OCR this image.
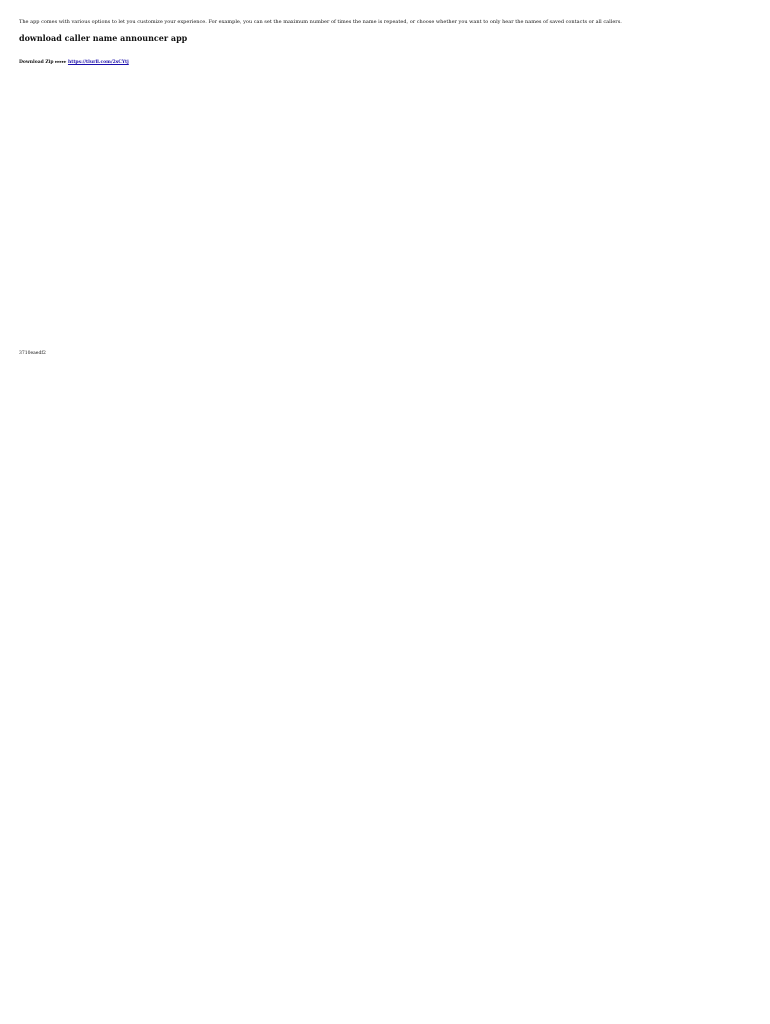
The app comes with various options to let you customize your experience. For example, you can set the maximum number of times the name is repeated, or choose whether you want to only hear the names of saved contacts or all callers.

download caller name announcer app

Download Zip ▸▸▸▸▸ https://tlurll.com/2sCYtj

3710eaedf2
